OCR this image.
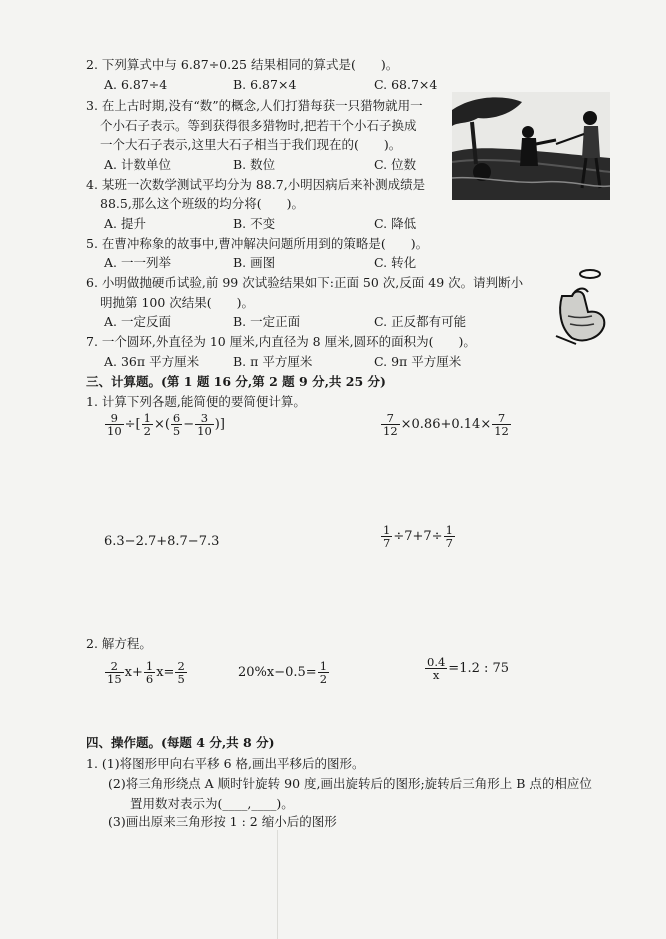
2. 下列算式中与 6.87÷0.25 结果相同的算式是(　　)。
A. 6.87÷4	B. 6.87×4	C. 68.7×4
3. 在上古时期,没有“数”的概念,人们打猎每获一只猎物就用一
个小石子表示。等到获得很多猎物时,把若干个小石子换成
一个大石子表示,这里大石子相当于我们现在的(　　)。
A. 计数单位	B. 数位	C. 位数
4. 某班一次数学测试平均分为 88.7,小明因病后来补测成绩是
88.5,那么这个班级的均分将(　　)。
A. 提升	B. 不变	C. 降低
5. 在曹冲称象的故事中,曹冲解决问题所用到的策略是(　　)。
A. 一一列举	B. 画图	C. 转化
6. 小明做抛硬币试验,前 99 次试验结果如下:正面 50 次,反面 49 次。请判断小
明抛第 100 次结果(　　)。
A. 一定反面	B. 一定正面	C. 正反都有可能
7. 一个圆环,外直径为 10 厘米,内直径为 8 厘米,圆环的面积为(　　)。
A. 36π 平方厘米	B. π 平方厘米	C. 9π 平方厘米
三、计算题。(第 1 题 16 分,第 2 题 9 分,共 25 分)
1. 计算下列各题,能简便的要简便计算。
$\frac{9}{10}$ ÷[ $\frac{1}{2}$ ×( $\frac{6}{5} - \frac{3}{10}$ )]	$\frac{7}{12} \times 0.86+0.14\times \frac{7}{12}$
6.3−2.7+8.7−7.3	$\frac{1}{7} \div 7+7\div \frac{1}{7}$
2. 解方程。
$\frac{2}{15} x+ \frac{1}{6} x= \frac{2}{5}$	$20\%x-0.5= \frac{1}{2}$	$\frac{0.4}{x} =1.2$ : 75
四、操作题。(每题 4 分,共 8 分)
1. (1)将图形甲向右平移 6 格,画出平移后的图形。
(2)将三角形绕点 A 顺时针旋转 90 度,画出旋转后的图形;旋转后三角形上 B 点的相应位
置用数对表示为(____,____)。
(3)画出原来三角形按 1 : 2 缩小后的图形
